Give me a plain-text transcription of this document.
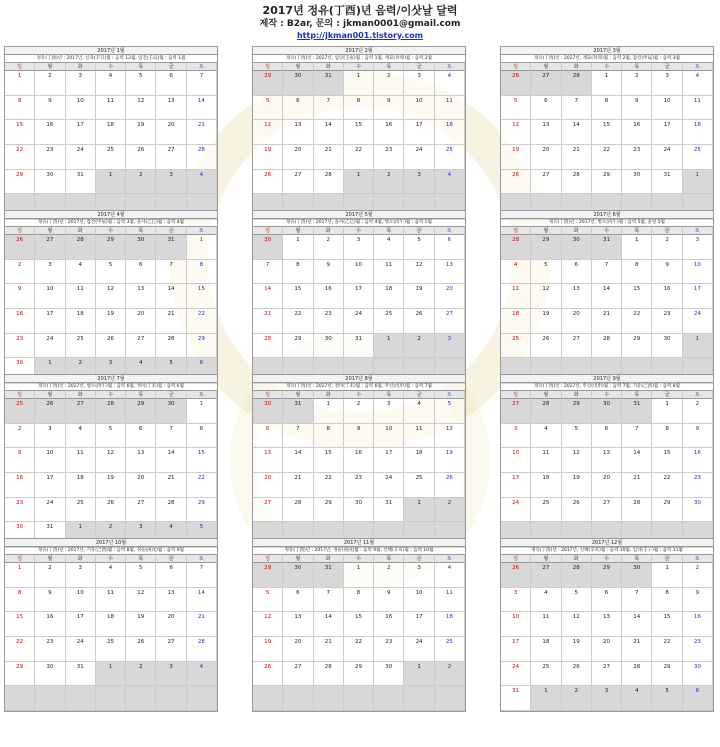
2017년 정유(丁酉)년 음력/이삿날 달력
제작 : B2ar, 문의 : jkman0001@gmail.com
http://jkman001.tistory.com
2017년 1월
정유(丁酉)년 : 2017년, 신축(辛丑)월 : 음력 12월, 임진(壬辰)월 : 음력 1월
일	월	화	수	목	금	토
1	2	3	4	5	6	7
8	9	10	11	12	13	14
15	16	17	18	19	20	21
22	23	24	25	26	27	28
29	30	31	1	2	3	4
2017년 2월
정유(丁酉)년 : 2017년, 임인(壬寅)월 : 음력 1월, 계묘(癸卯)월 : 음력 2월
일	월	화	수	목	금	토
29	30	31	1	2	3	4
5	6	7	8	9	10	11
12	13	14	15	16	17	18
19	20	21	22	23	24	25
26	27	28	1	2	3	4
2017년 3월
정유(丁酉)년 : 2017년, 계묘(癸卯)월 : 음력 2월, 갑진(甲辰)월 : 음력 3월
일	월	화	수	목	금	토
26	27	28	1	2	3	4
5	6	7	8	9	10	11
12	13	14	15	16	17	18
19	20	21	22	23	24	25
26	27	28	29	30	31	1
2017년 4월
정유(丁酉)년 : 2017년, 갑진(甲辰)월 : 음력 3월, 을사(乙巳)월 : 음력 4월
일	월	화	수	목	금	토
26	27	28	29	30	31	1
2	3	4	5	6	7	8
9	10	11	12	13	14	15
16	17	18	19	20	21	22
23	24	25	26	27	28	29
30	1	2	3	4	5	6
2017년 5월
정유(丁酉)년 : 2017년, 을사(乙巳)월 : 음력 4월, 병오(丙午)월 : 음력 5월
일	월	화	수	목	금	토
30	1	2	3	4	5	6
7	8	9	10	11	12	13
14	15	16	17	18	19	20
21	22	23	24	25	26	27
28	29	30	31	1	2	3
2017년 6월
정유(丁酉)년 : 2017년, 병오(丙午)월 : 음력 5월, 윤달 5월
일	월	화	수	목	금	토
28	29	30	31	1	2	3
4	5	6	7	8	9	10
11	12	13	14	15	16	17
18	19	20	21	22	23	24
25	26	27	28	29	30	1
2017년 7월
정유(丁酉)년 : 2017년, 병오(丙午)월 : 음력 6월, 정미(丁未)월 : 음력 6월
일	월	화	수	목	금	토
25	26	27	28	29	30	1
2	3	4	5	6	7	8
9	10	11	12	13	14	15
16	17	18	19	20	21	22
23	24	25	26	27	28	29
30	31	1	2	3	4	5
2017년 8월
정유(丁酉)년 : 2017년, 정미(丁未)월 : 음력 6월, 무신(戊申)월 : 음력 7월
일	월	화	수	목	금	토
30	31	1	2	3	4	5
6	7	8	9	10	11	12
13	14	15	16	17	18	19
20	21	22	23	24	25	26
27	28	29	30	31	1	2
2017년 9월
정유(丁酉)년 : 2017년, 무신(戊申)월 : 음력 7월, 기유(己酉)월 : 음력 8월
일	월	화	수	목	금	토
27	28	29	30	31	1	2
3	4	5	6	7	8	9
10	11	12	13	14	15	16
17	18	19	20	21	22	23
24	25	26	27	28	29	30
2017년 10월
정유(丁酉)년 : 2017년, 기유(己酉)월 : 음력 8월, 경술(庚戌)월 : 음력 9월
일	월	화	수	목	금	토
1	2	3	4	5	6	7
8	9	10	11	12	13	14
15	16	17	18	19	20	21
22	23	24	25	26	27	28
29	30	31	1	2	3	4
2017년 11월
정유(丁酉)년 : 2017년, 경술(庚戌)월 : 음력 9월, 신해(辛亥)월 : 음력 10월
일	월	화	수	목	금	토
29	30	31	1	2	3	4
5	6	7	8	9	10	11
12	13	14	15	16	17	18
19	20	21	22	23	24	25
26	27	28	29	30	1	2
2017년 12월
정유(丁酉)년 : 2017년, 신해(辛亥)월 : 음력 10월, 임자(壬子)월 : 음력 11월
일	월	화	수	목	금	토
26	27	28	29	30	1	2
3	4	5	6	7	8	9
10	11	12	13	14	15	16
17	18	19	20	21	22	23
24	25	26	27	28	29	30
31	1	2	3	4	5	6
